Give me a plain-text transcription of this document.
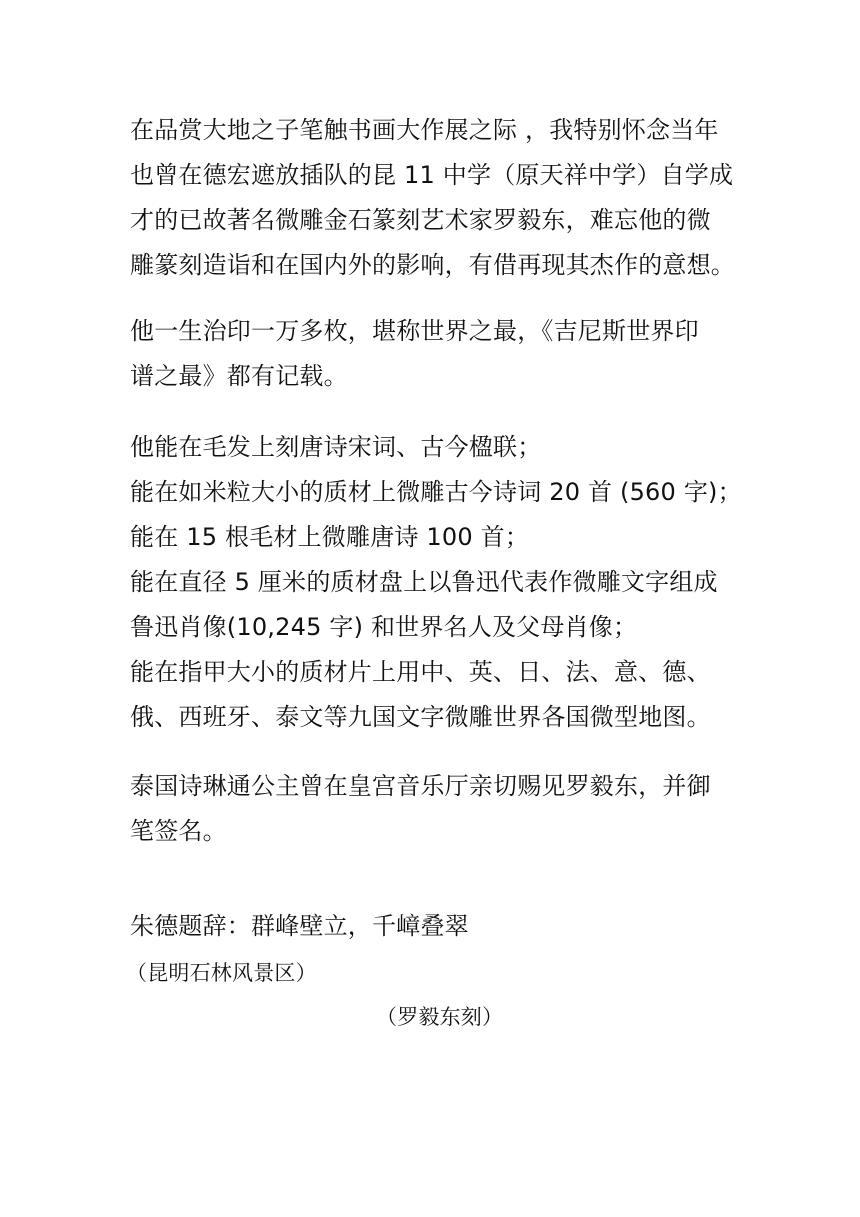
在品赏大地之子笔触书画大作展之际 ，我特别怀念当年
也曾在德宏遮放插队的昆 11 中学（原天祥中学）自学成
才的已故著名微雕金石篆刻艺术家罗毅东，难忘他的微
雕篆刻造诣和在国内外的影响，有借再现其杰作的意想。
他一生治印一万多枚，堪称世界之最，《吉尼斯世界印
谱之最》都有记载。
他能在毛发上刻唐诗宋词、古今楹联；
能在如米粒大小的质材上微雕古今诗词 20 首 (560 字)；
能在 15 根毛材上微雕唐诗 100 首；
能在直径 5 厘米的质材盘上以鲁迅代表作微雕文字组成
鲁迅肖像(10,245 字) 和世界名人及父母肖像；
能在指甲大小的质材片上用中、英、日、法、意、德、
俄、西班牙、泰文等九国文字微雕世界各国微型地图。
泰国诗琳通公主曾在皇宫音乐厅亲切赐见罗毅东，并御
笔签名。
朱德题辞：群峰壁立，千嶂叠翠
（昆明石林风景区）
（罗毅东刻）
